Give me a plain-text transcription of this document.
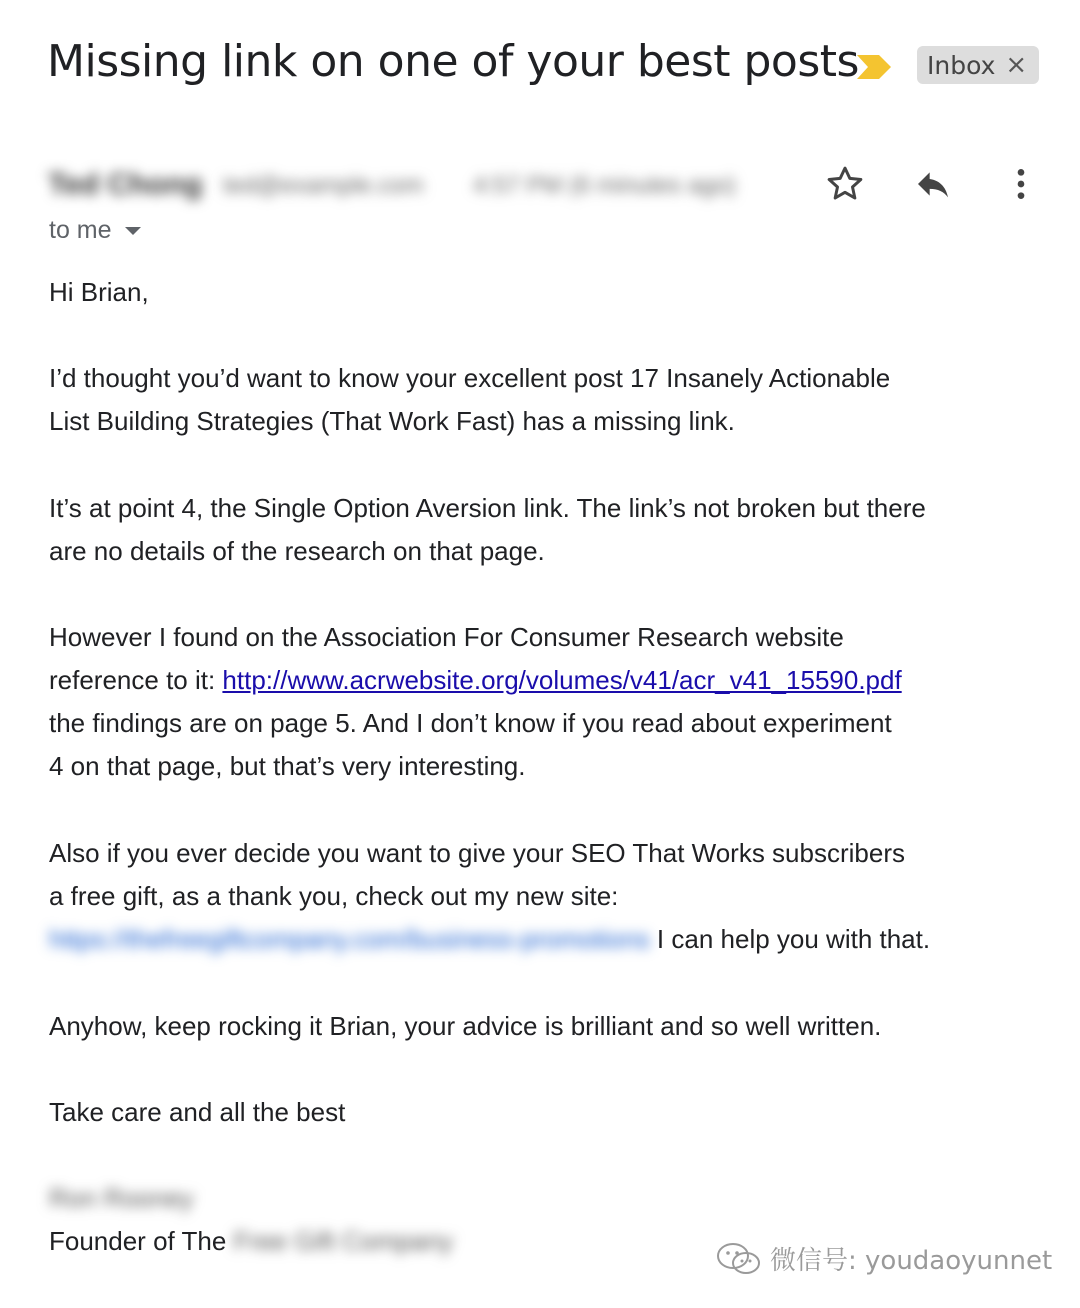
Missing link on one of your best posts	Inbox ×
Ted Chong ted@example.com 4:57 PM (6 minutes ago)
to me
Hi Brian,
I’d thought you’d want to know your excellent post 17 Insanely Actionable
List Building Strategies (That Work Fast) has a missing link.
It’s at point 4, the Single Option Aversion link. The link’s not broken but there
are no details of the research on that page.
However I found on the Association For Consumer Research website
reference to it: http://www.acrwebsite.org/volumes/v41/acr_v41_15590.pdf
the findings are on page 5. And I don’t know if you read about experiment
4 on that page, but that’s very interesting.
Also if you ever decide you want to give your SEO That Works subscribers
a free gift, as a thank you, check out my new site:
https://thefreegiftcompany.com/business-promotions I can help you with that.
Anyhow, keep rocking it Brian, your advice is brilliant and so well written.
Take care and all the best
Ron Rooney
Founder of The Free Gift Company
微信号: youdaoyunnet
